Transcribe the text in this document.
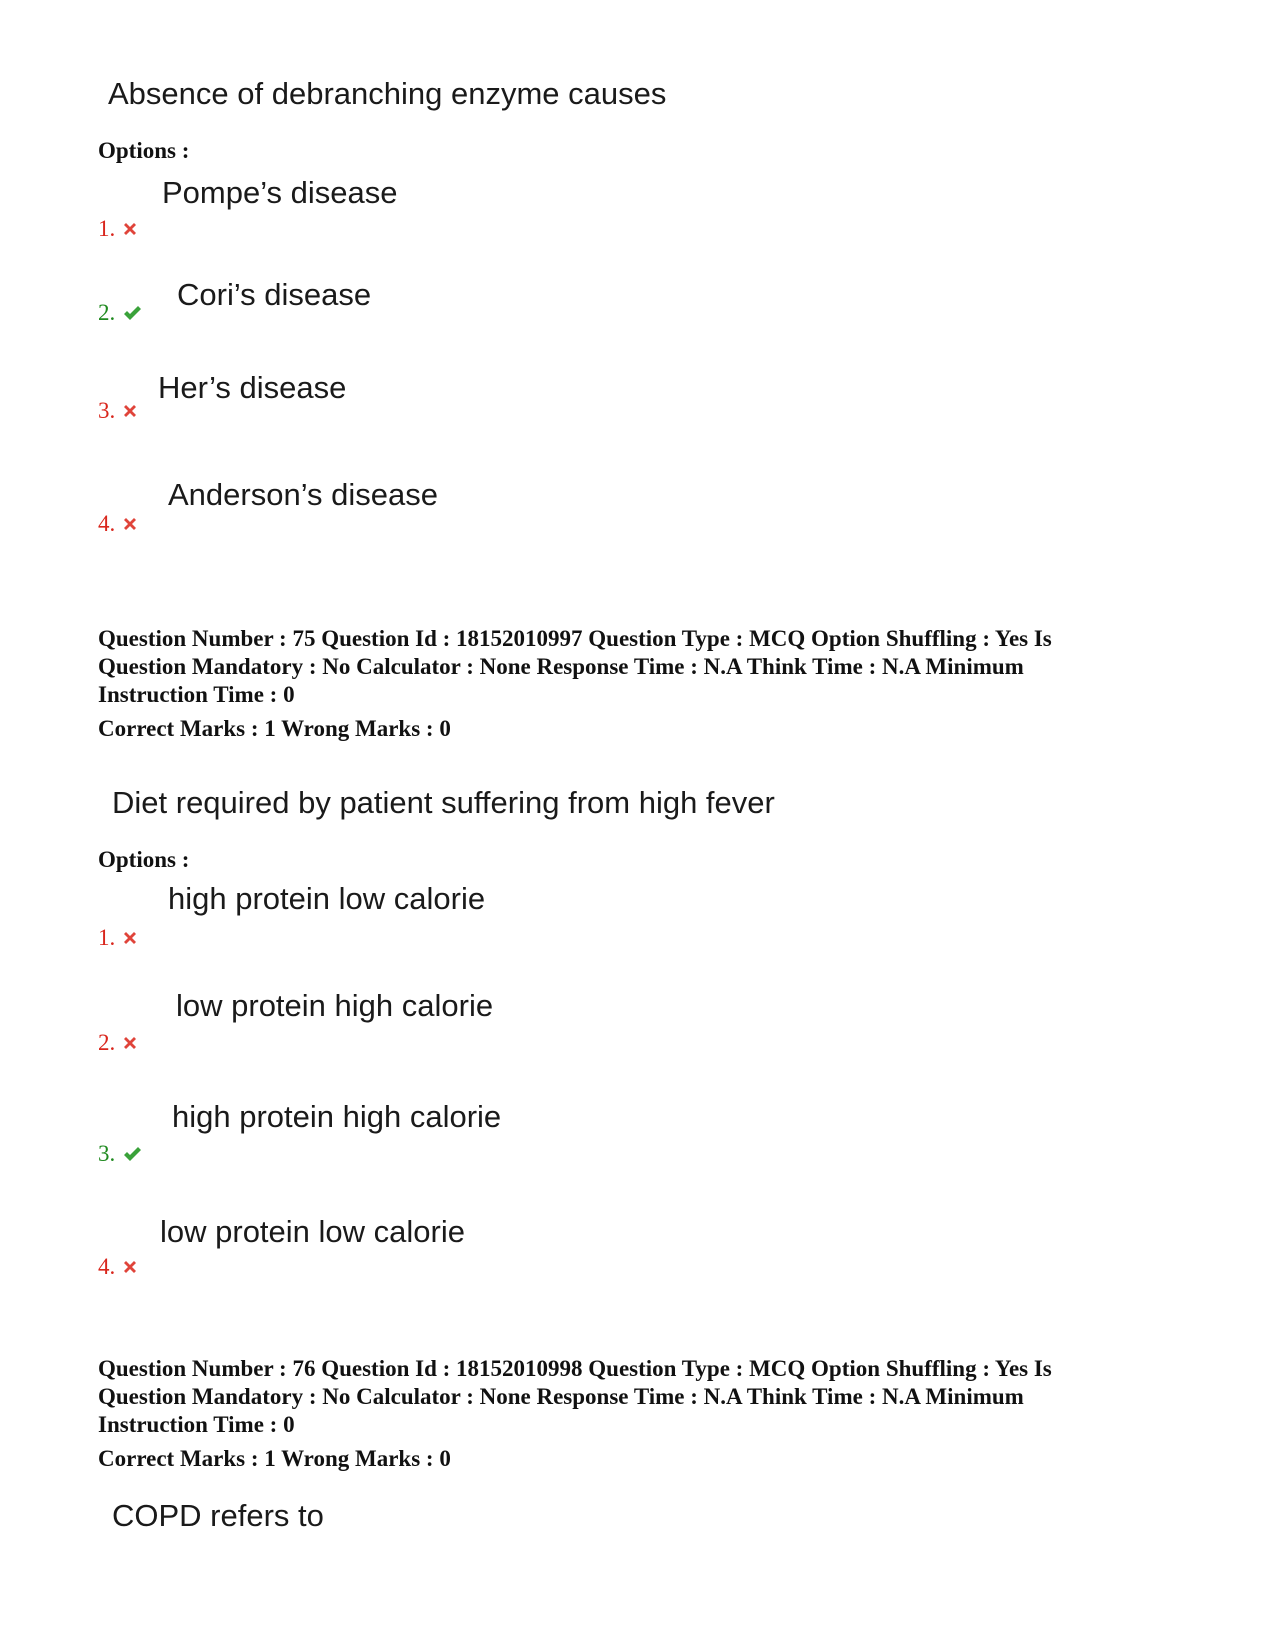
Absence of debranching enzyme causes
Options :
Pompe’s disease
1.
Cori’s disease
2.
Her’s disease
3.
Anderson’s disease
4.
Question Number : 75 Question Id : 18152010997 Question Type : MCQ Option Shuffling : Yes Is
Question Mandatory : No Calculator : None Response Time : N.A Think Time : N.A Minimum
Instruction Time : 0
Correct Marks : 1 Wrong Marks : 0
Diet required by patient suffering from high fever
Options :
high protein low calorie
1.
low protein high calorie
2.
high protein high calorie
3.
low protein low calorie
4.
Question Number : 76 Question Id : 18152010998 Question Type : MCQ Option Shuffling : Yes Is
Question Mandatory : No Calculator : None Response Time : N.A Think Time : N.A Minimum
Instruction Time : 0
Correct Marks : 1 Wrong Marks : 0
COPD refers to
